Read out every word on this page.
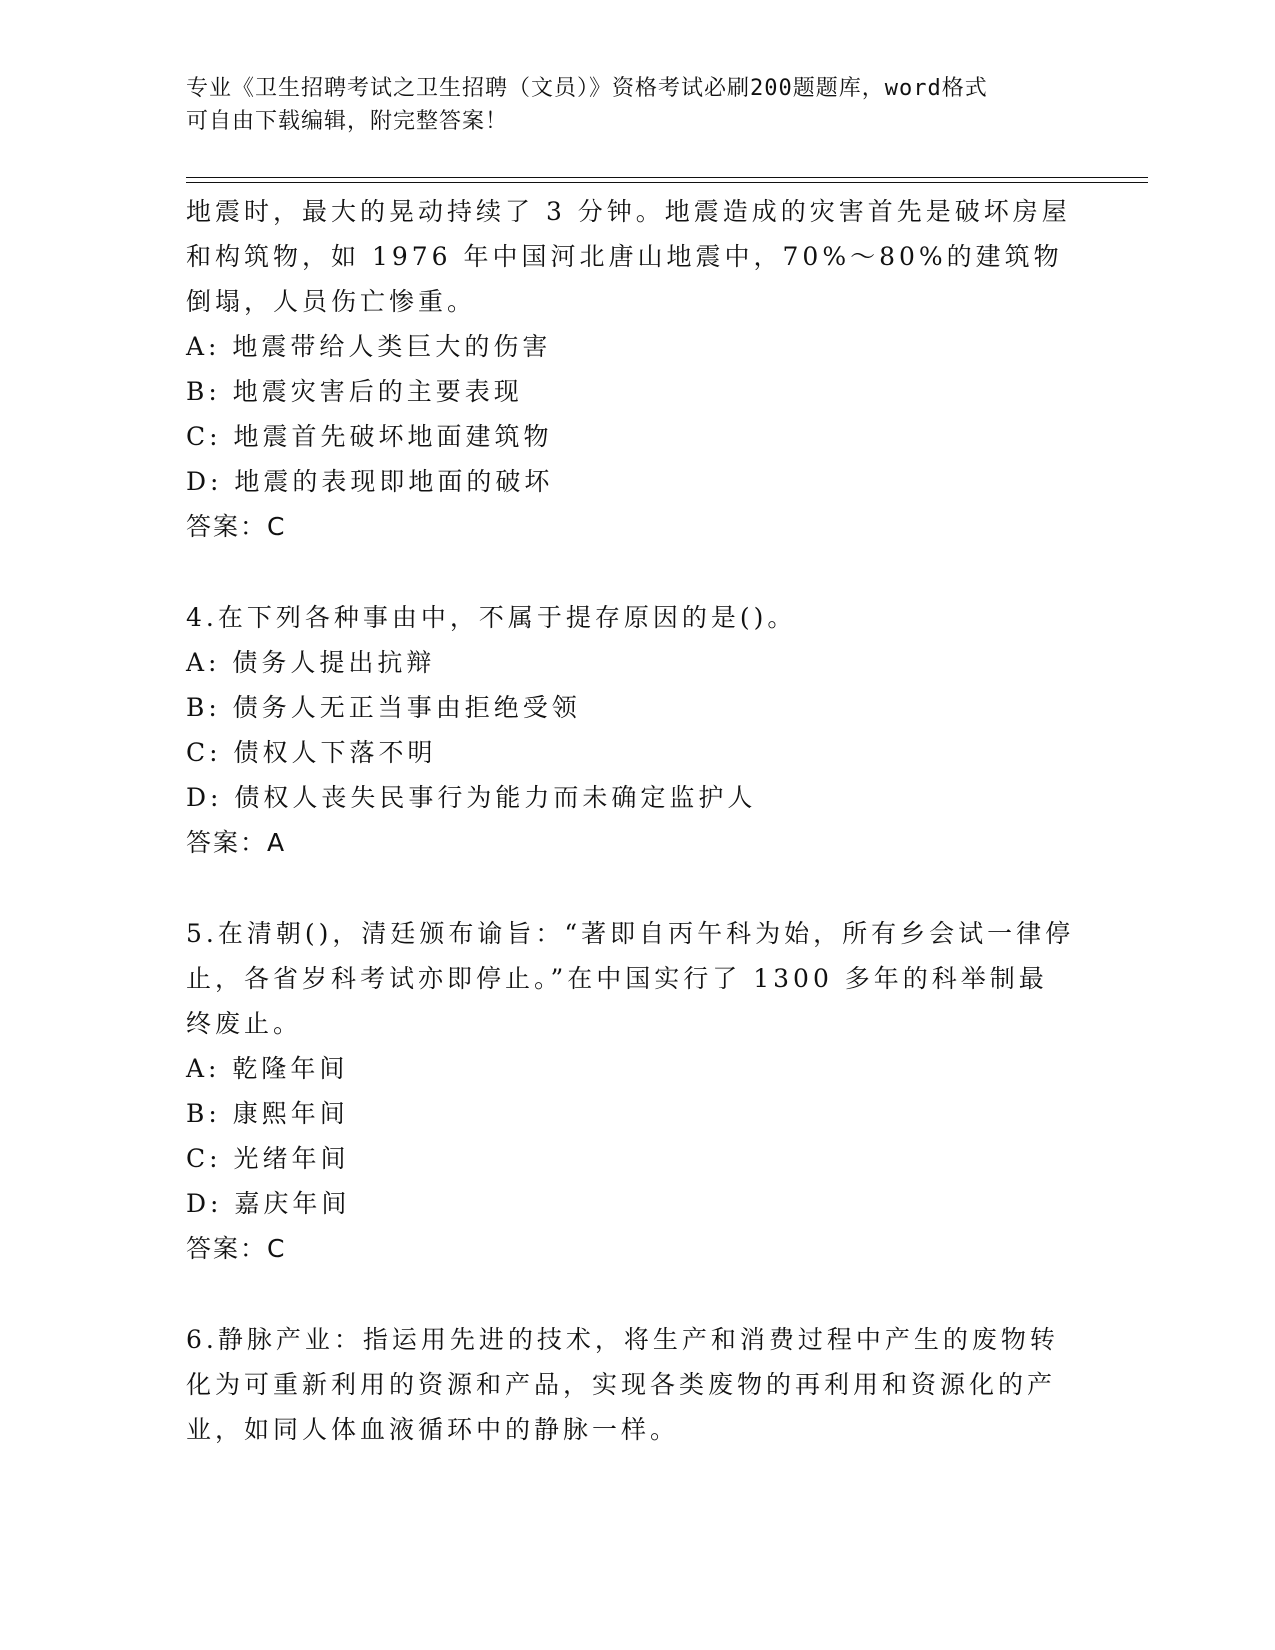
专业《卫生招聘考试之卫生招聘（文员）》资格考试必刷200题题库，word格式

可自由下载编辑，附完整答案！

地震时，最大的晃动持续了 3 分钟。地震造成的灾害首先是破坏房屋和构筑物，如 1976 年中国河北唐山地震中，70%～80%的建筑物倒塌，人员伤亡惨重。

A: 地震带给人类巨大的伤害

B: 地震灾害后的主要表现

C: 地震首先破坏地面建筑物

D: 地震的表现即地面的破坏

答案：C

4.在下列各种事由中，不属于提存原因的是()。

A: 债务人提出抗辩

B: 债务人无正当事由拒绝受领

C: 债权人下落不明

D: 债权人丧失民事行为能力而未确定监护人

答案：A

5.在清朝()，清廷颁布谕旨：“著即自丙午科为始，所有乡会试一律停止，各省岁科考试亦即停止。”在中国实行了 1300 多年的科举制最终废止。

A: 乾隆年间

B: 康熙年间

C: 光绪年间

D: 嘉庆年间

答案：C

6.静脉产业：指运用先进的技术，将生产和消费过程中产生的废物转化为可重新利用的资源和产品，实现各类废物的再利用和资源化的产业，如同人体血液循环中的静脉一样。
